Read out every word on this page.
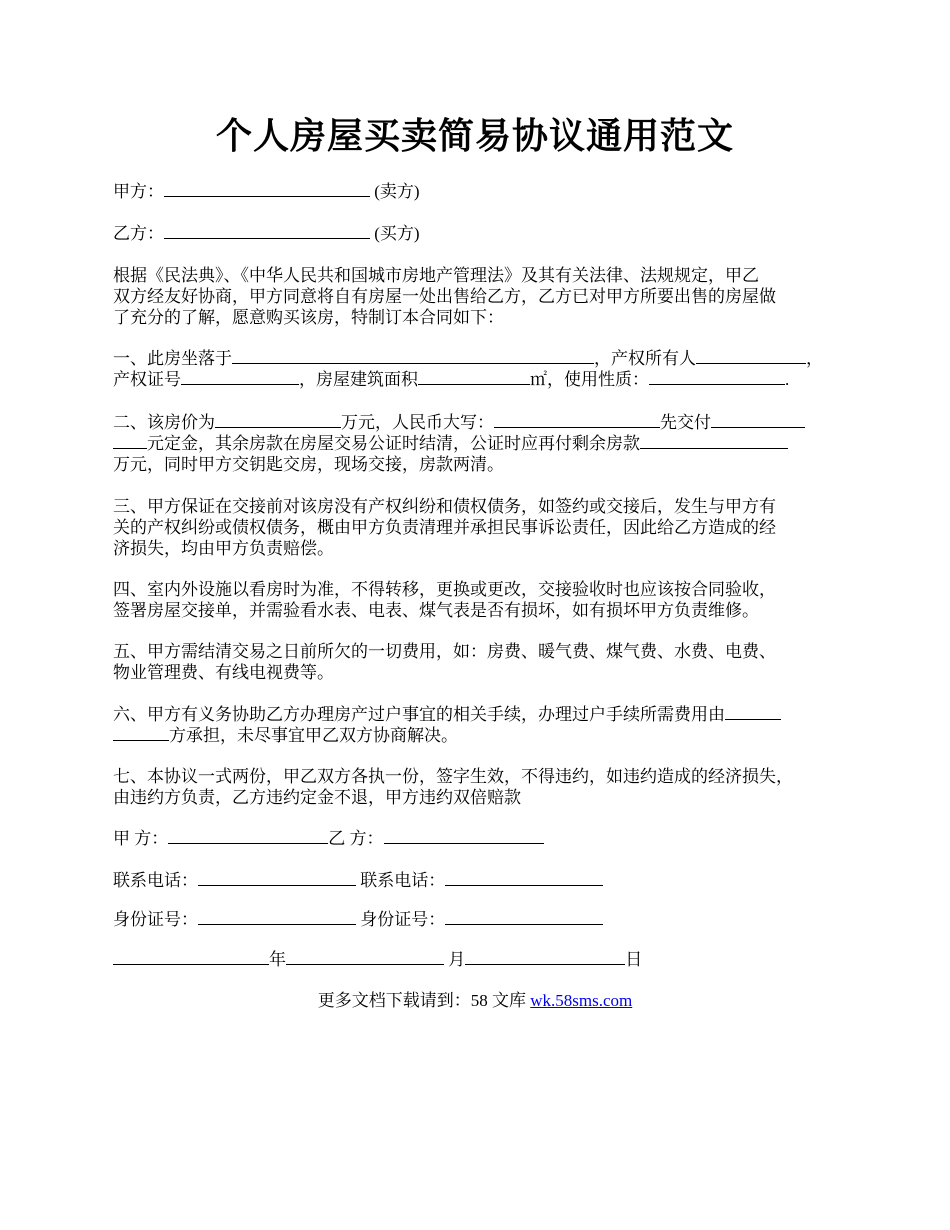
个人房屋买卖简易协议通用范文
甲方：	(卖方)
乙方：	(买方)
根据《民法典》、《中华人民共和国城市房地产管理法》及其有关法律、法规规定，甲乙
双方经友好协商，甲方同意将自有房屋一处出售给乙方，乙方已对甲方所要出售的房屋做
了充分的了解，愿意购买该房，特制订本合同如下：
一、此房坐落于	，产权所有人	，
产权证号	，房屋建筑面积	㎡，使用性质：	.
二、该房价为	万元，人民币大写：	先交付
元定金，其余房款在房屋交易公证时结清，公证时应再付剩余房款
万元，同时甲方交钥匙交房，现场交接，房款两清。
三、甲方保证在交接前对该房没有产权纠纷和债权债务，如签约或交接后，发生与甲方有
关的产权纠纷或债权债务，概由甲方负责清理并承担民事诉讼责任，因此给乙方造成的经
济损失，均由甲方负责赔偿。
四、室内外设施以看房时为准，不得转移，更换或更改，交接验收时也应该按合同验收，
签署房屋交接单，并需验看水表、电表、煤气表是否有损坏，如有损坏甲方负责维修。
五、甲方需结清交易之日前所欠的一切费用，如：房费、暖气费、煤气费、水费、电费、
物业管理费、有线电视费等。
六、甲方有义务协助乙方办理房产过户事宜的相关手续，办理过户手续所需费用由
方承担，未尽事宜甲乙双方协商解决。
七、本协议一式两份，甲乙双方各执一份，签字生效，不得违约，如违约造成的经济损失，
由违约方负责，乙方违约定金不退，甲方违约双倍赔款
甲 方：	乙 方：
联系电话：	联系电话：
身份证号：	身份证号：
年	月	日
更多文档下载请到：58 文库 wk.58sms.com
